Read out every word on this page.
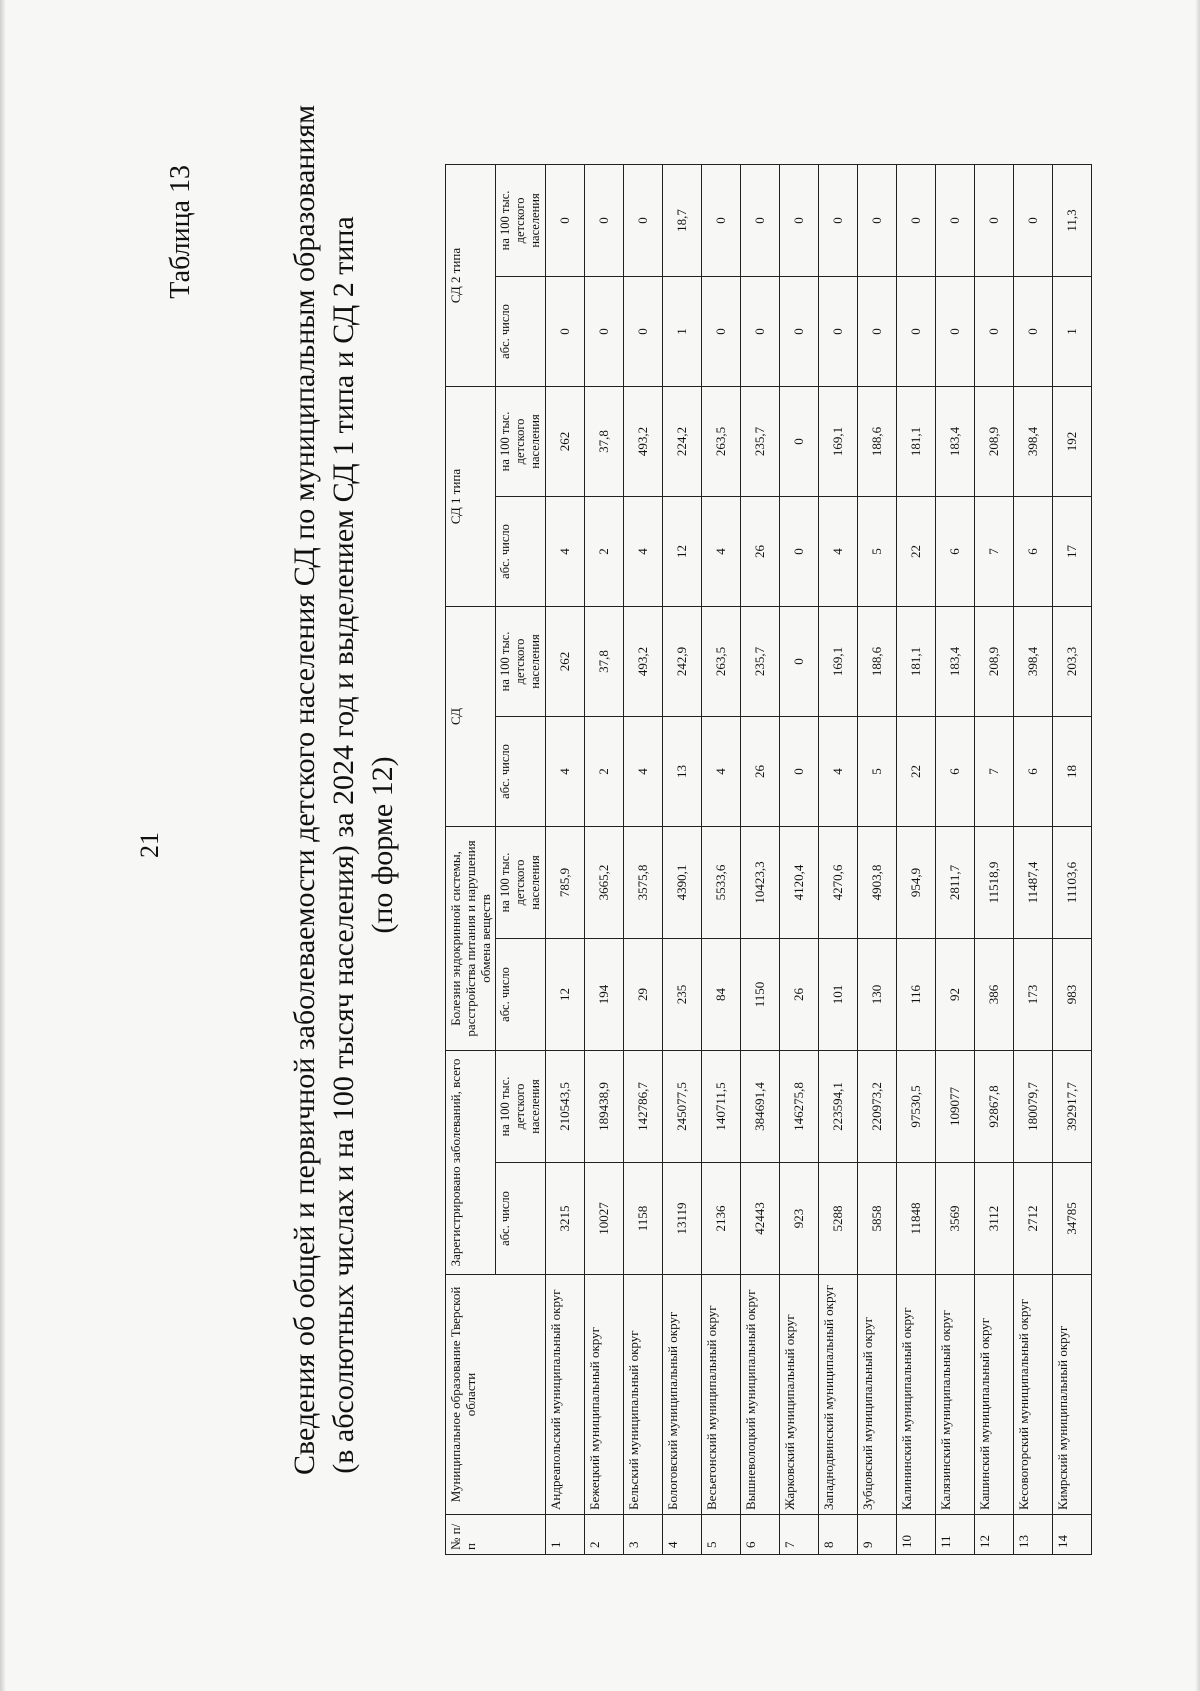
21
Таблица 13	Сведения об общей и первичной заболеваемости детского населения СД по муниципальным образованиям (в абсолютных числах и на 100 тысяч населения) за 2024 год и выделением СД 1 типа и СД 2 типа (по форме 12)
№ п/п	Муниципальное образование Тверской области	Зарегистрировано заболеваний, всего		Болезни эндокринной системы, расстройства питания и нарушения обмена веществ		СД		СД 1 типа		СД 2 типа	
		абс. число	на 100 тыс. детского населения	абс. число	на 100 тыс. детского населения	абс. число	на 100 тыс. детского населения	абс. число	на 100 тыс. детского населения	абс. число	на 100 тыс. детского населения
1	Андреапольский муниципальный округ	3215	210543,5	12	785,9	4	262	4	262	0	0
2	Бежецкий муниципальный округ	10027	189438,9	194	3665,2	2	37,8	2	37,8	0	0
3	Бельский муниципальный округ	1158	142786,7	29	3575,8	4	493,2	4	493,2	0	0
4	Бологовский муниципальный округ	13119	245077,5	235	4390,1	13	242,9	12	224,2	1	18,7
5	Весьегонский муниципальный округ	2136	140711,5	84	5533,6	4	263,5	4	263,5	0	0
6	Вышневолоцкий муниципальный округ	42443	384691,4	1150	10423,3	26	235,7	26	235,7	0	0
7	Жарковский муниципальный округ	923	146275,8	26	4120,4	0	0	0	0	0	0
8	Западнодвинский муниципальный округ	5288	223594,1	101	4270,6	4	169,1	4	169,1	0	0
9	Зубцовский муниципальный округ	5858	220973,2	130	4903,8	5	188,6	5	188,6	0	0
10	Калининский муниципальный округ	11848	97530,5	116	954,9	22	181,1	22	181,1	0	0
11	Калязинский муниципальный округ	3569	109077	92	2811,7	6	183,4	6	183,4	0	0
12	Кашинский муниципальный округ	3112	92867,8	386	11518,9	7	208,9	7	208,9	0	0
13	Кесовогорский муниципальный округ	2712	180079,7	173	11487,4	6	398,4	6	398,4	0	0
14	Кимрский муниципальный округ	34785	392917,7	983	11103,6	18	203,3	17	192	1	11,3
